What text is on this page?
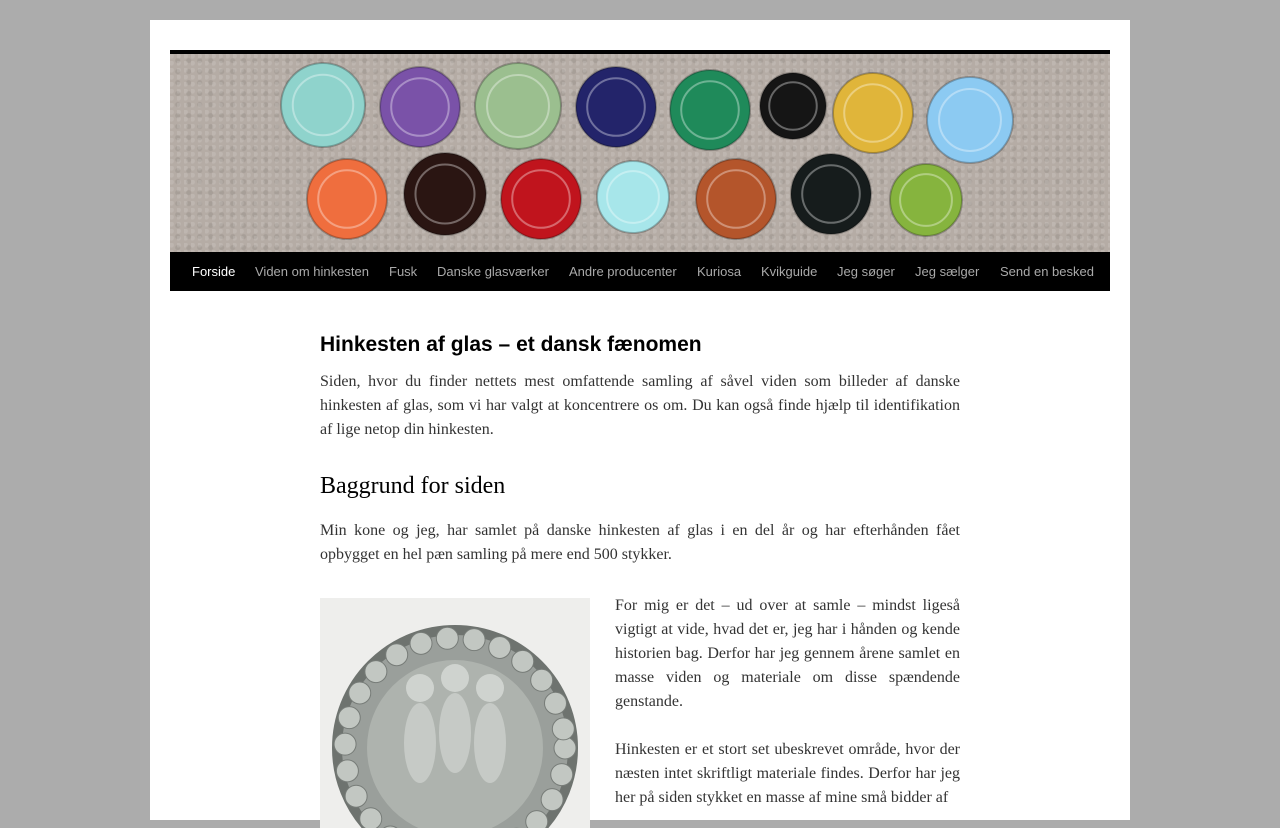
Forside Viden om hinkesten Fusk Danske glasværker Andre producenter Kuriosa Kvikguide Jeg søger Jeg sælger Send en besked
Hinkesten af glas – et dansk fænomen

Siden, hvor du finder nettets mest omfattende samling af såvel viden som billeder af danske hinkesten af glas, som vi har valgt at koncentrere os om. Du kan også finde hjælp til identifikation af lige netop din hinkesten.

Baggrund for siden

Min kone og jeg, har samlet på danske hinkesten af glas i en del år og har efterhånden fået opbygget en hel pæn samling på mere end 500 stykker.

For mig er det – ud over at samle – mindst ligeså vigtigt at vide, hvad det er, jeg har i hånden og kende historien bag. Derfor har jeg gennem årene samlet en masse viden og materiale om disse spændende genstande.

Hinkesten er et stort set ubeskrevet område, hvor der næsten intet skriftligt materiale findes. Derfor har jeg her på siden stykket en masse af mine små bidder af
